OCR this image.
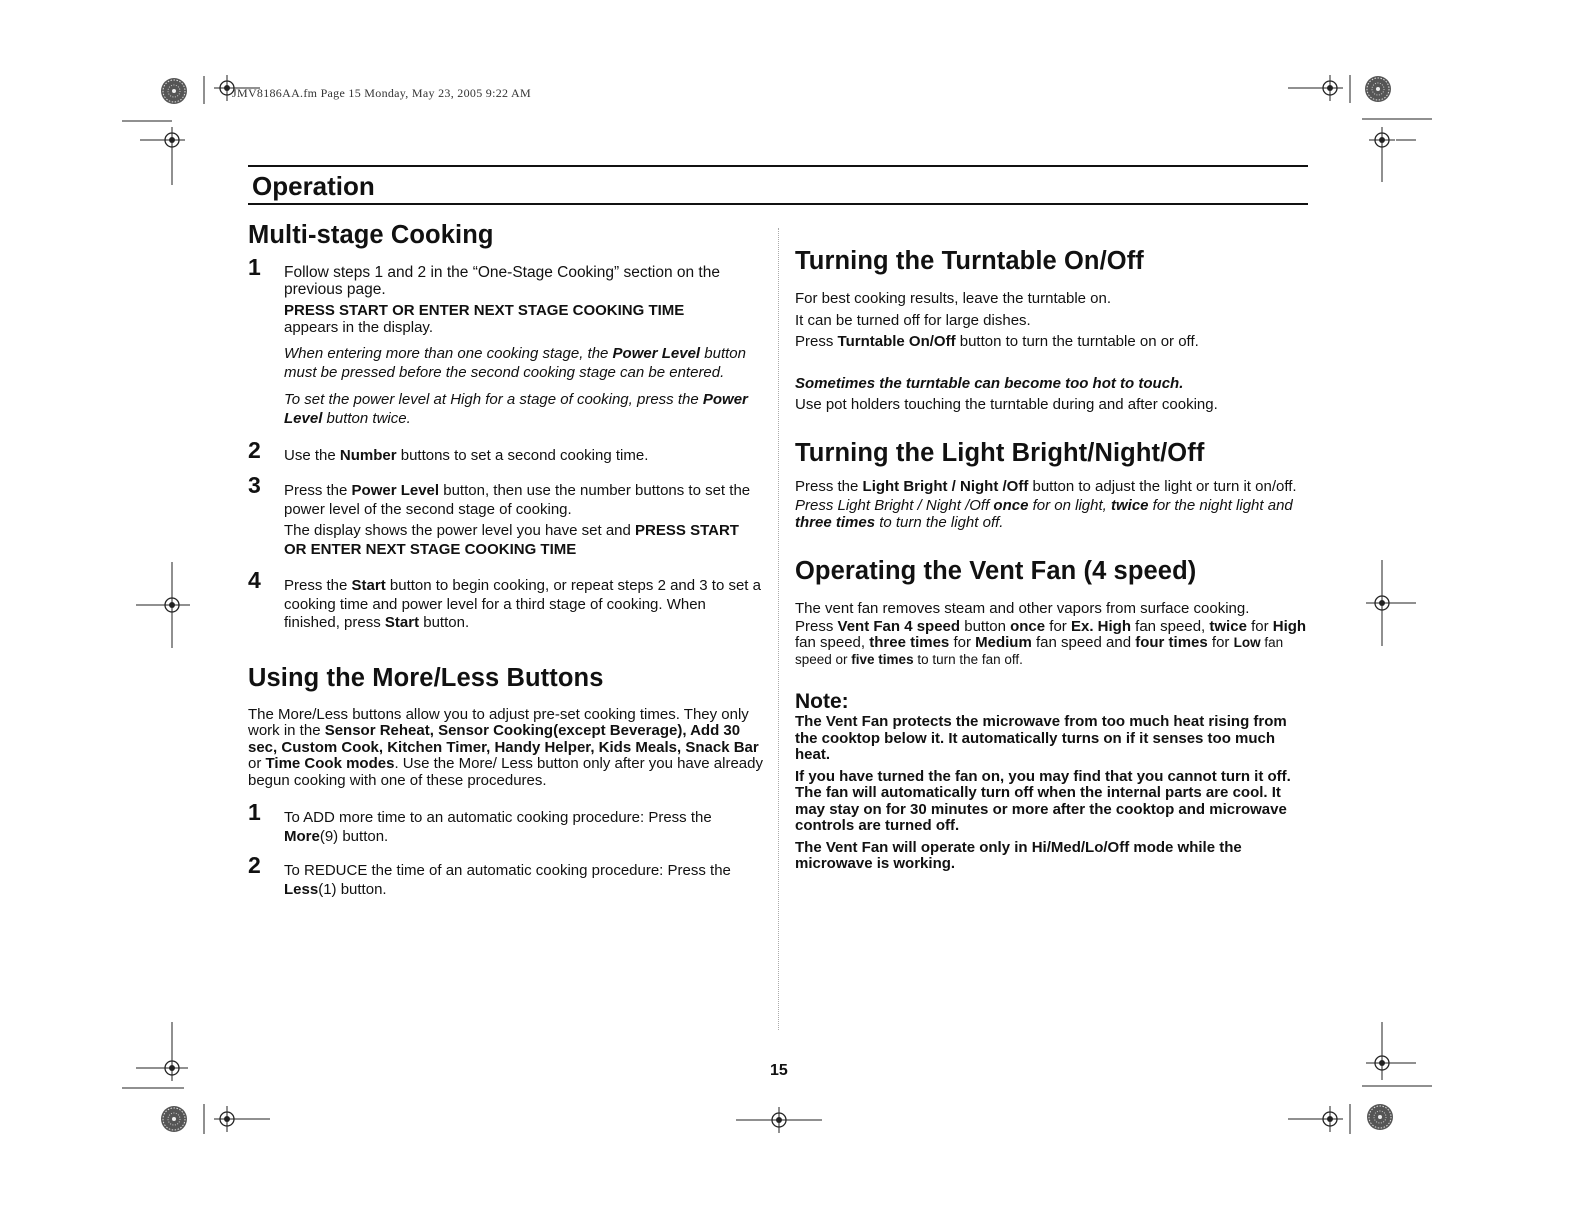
JMV8186AA.fm Page 15 Monday, May 23, 2005 9:22 AM
Operation
Multi-stage Cooking
1 Follow steps 1 and 2 in the “One-Stage Cooking” section on the previous page.

PRESS START OR ENTER NEXT STAGE COOKING TIME
appears in the display.

When entering more than one cooking stage, the Power Level button must be pressed before the second cooking stage can be entered.

To set the power level at High for a stage of cooking, press the Power Level button twice.

2 Use the Number buttons to set a second cooking time.

3 Press the Power Level button, then use the number buttons to set the power level of the second stage of cooking.

The display shows the power level you have set and PRESS START OR ENTER NEXT STAGE COOKING TIME

4 Press the Start button to begin cooking, or repeat steps 2 and 3 to set a cooking time and power level for a third stage of cooking. When finished, press Start button.

Using the More/Less Buttons

The More/Less buttons allow you to adjust pre-set cooking times. They only work in the Sensor Reheat, Sensor Cooking(except Beverage), Add 30 sec, Custom Cook, Kitchen Timer, Handy Helper, Kids Meals, Snack Bar or Time Cook modes. Use the More/ Less button only after you have already begun cooking with one of these procedures.

1 To ADD more time to an automatic cooking procedure: Press the More(9) button.

2 To REDUCE the time of an automatic cooking procedure: Press the Less(1) button.

Turning the Turntable On/Off

For best cooking results, leave the turntable on.

It can be turned off for large dishes.

Press Turntable On/Off button to turn the turntable on or off.

Sometimes the turntable can become too hot to touch.

Use pot holders touching the turntable during and after cooking.

Turning the Light Bright/Night/Off

Press the Light Bright / Night /Off button to adjust the light or turn it on/off.

Press Light Bright / Night /Off once for on light, twice for the night light and three times to turn the light off.

Operating the Vent Fan (4 speed)

The vent fan removes steam and other vapors from surface cooking.

Press Vent Fan 4 speed button once for Ex. High fan speed, twice for High fan speed, three times for Medium fan speed and four times for Low fan speed or five times to turn the fan off.

Note:

The Vent Fan protects the microwave from too much heat rising from the cooktop below it. It automatically turns on if it senses too much heat.

If you have turned the fan on, you may find that you cannot turn it off. The fan will automatically turn off when the internal parts are cool. It may stay on for 30 minutes or more after the cooktop and microwave controls are turned off.

The Vent Fan will operate only in Hi/Med/Lo/Off mode while the microwave is working.

15
